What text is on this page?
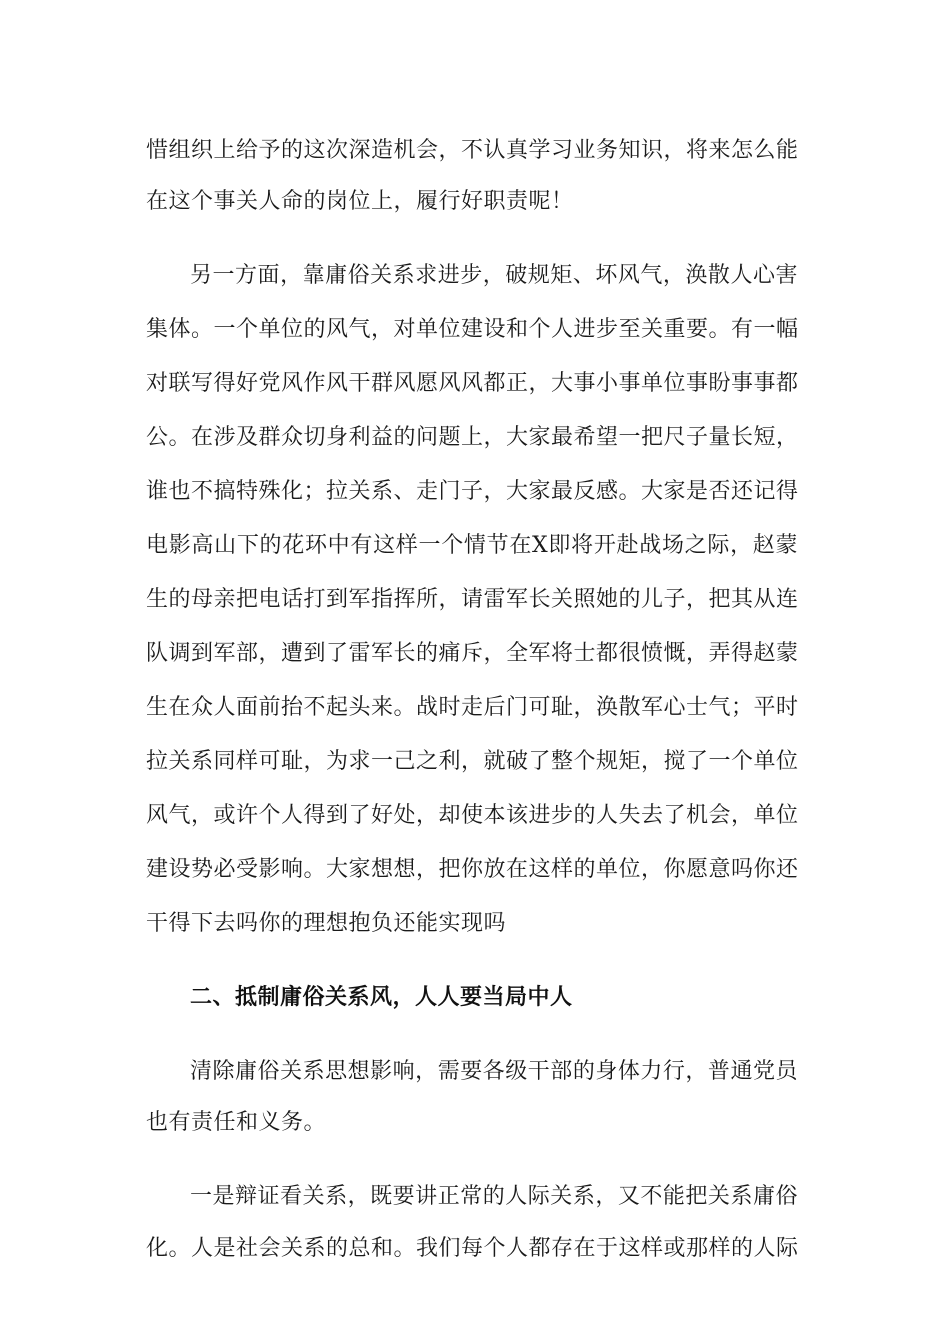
惜组织上给予的这次深造机会，不认真学习业务知识，将来怎么能

在这个事关人命的岗位上，履行好职责呢！

另一方面，靠庸俗关系求进步，破规矩、坏风气，涣散人心害

集体。一个单位的风气，对单位建设和个人进步至关重要。有一幅

对联写得好党风作风干群风愿风风都正，大事小事单位事盼事事都

公。在涉及群众切身利益的问题上，大家最希望一把尺子量长短，

谁也不搞特殊化；拉关系、走门子，大家最反感。大家是否还记得

电影高山下的花环中有这样一个情节在X即将开赴战场之际，赵蒙

生的母亲把电话打到军指挥所，请雷军长关照她的儿子，把其从连

队调到军部，遭到了雷军长的痛斥，全军将士都很愤慨，弄得赵蒙

生在众人面前抬不起头来。战时走后门可耻，涣散军心士气；平时

拉关系同样可耻，为求一己之利，就破了整个规矩，搅了一个单位

风气，或许个人得到了好处，却使本该进步的人失去了机会，单位

建设势必受影响。大家想想，把你放在这样的单位，你愿意吗你还

干得下去吗你的理想抱负还能实现吗

二、抵制庸俗关系风，人人要当局中人

清除庸俗关系思想影响，需要各级干部的身体力行，普通党员

也有责任和义务。

一是辩证看关系，既要讲正常的人际关系，又不能把关系庸俗

化。人是社会关系的总和。我们每个人都存在于这样或那样的人际
